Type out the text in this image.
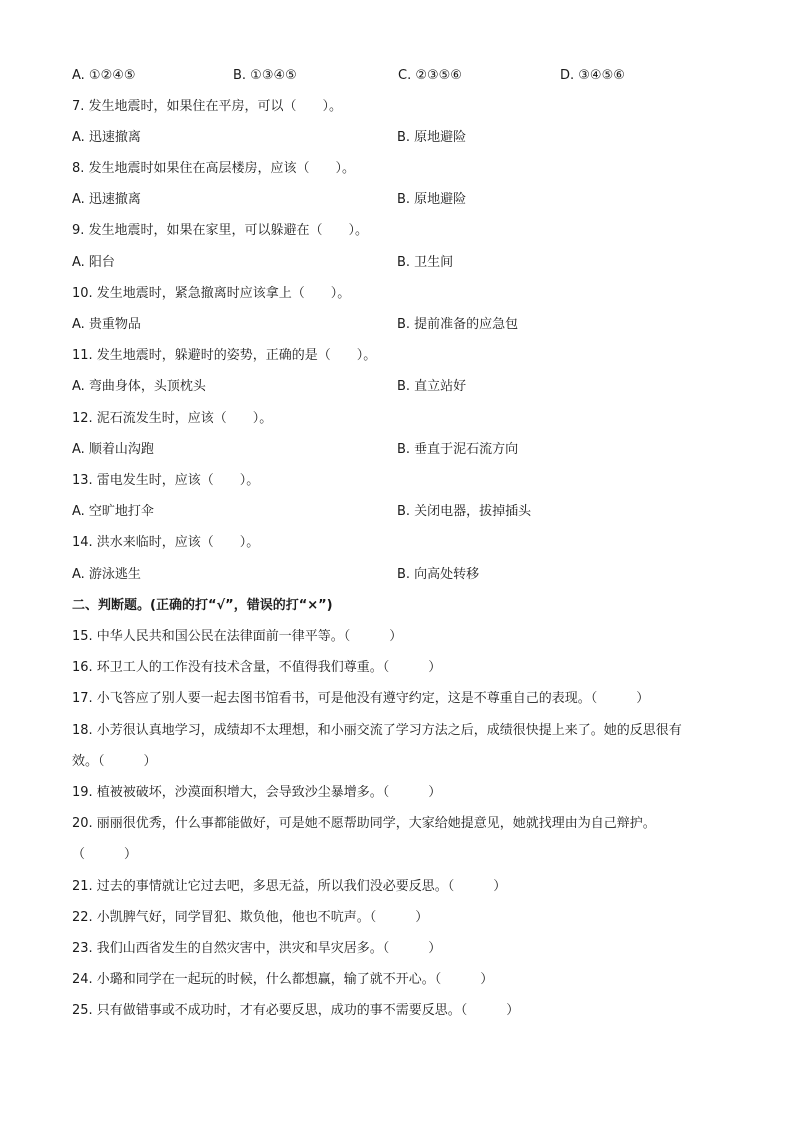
A. ①②④⑤	B. ①③④⑤	C. ②③⑤⑥	D. ③④⑤⑥
7. 发生地震时，如果住在平房，可以（　　）。
A. 迅速撤离	B. 原地避险
8. 发生地震时如果住在高层楼房，应该（　　）。
A. 迅速撤离	B. 原地避险
9. 发生地震时，如果在家里，可以躲避在（　　）。
A. 阳台	B. 卫生间
10. 发生地震时，紧急撤离时应该拿上（　　）。
A. 贵重物品	B. 提前准备的应急包
11. 发生地震时，躲避时的姿势，正确的是（　　）。
A. 弯曲身体，头顶枕头	B. 直立站好
12. 泥石流发生时，应该（　　）。
A. 顺着山沟跑	B. 垂直于泥石流方向
13. 雷电发生时，应该（　　）。
A. 空旷地打伞	B. 关闭电器，拔掉插头
14. 洪水来临时，应该（　　）。
A. 游泳逃生	B. 向高处转移
二、判断题。(正确的打“√”，错误的打“×”)
15. 中华人民共和国公民在法律面前一律平等。（　　　）
16. 环卫工人的工作没有技术含量，不值得我们尊重。（　　　）
17. 小飞答应了别人要一起去图书馆看书，可是他没有遵守约定，这是不尊重自己的表现。（　　　）
18. 小芳很认真地学习，成绩却不太理想，和小丽交流了学习方法之后，成绩很快提上来了。她的反思很有
效。（　　　）
19. 植被被破坏，沙漠面积增大，会导致沙尘暴增多。（　　　）
20. 丽丽很优秀，什么事都能做好，可是她不愿帮助同学，大家给她提意见，她就找理由为自己辩护。
（　　　）
21. 过去的事情就让它过去吧，多思无益，所以我们没必要反思。（　　　）
22. 小凯脾气好，同学冒犯、欺负他，他也不吭声。（　　　）
23. 我们山西省发生的自然灾害中，洪灾和旱灾居多。（　　　）
24. 小璐和同学在一起玩的时候，什么都想赢，输了就不开心。（　　　）
25. 只有做错事或不成功时，才有必要反思，成功的事不需要反思。（　　　）
